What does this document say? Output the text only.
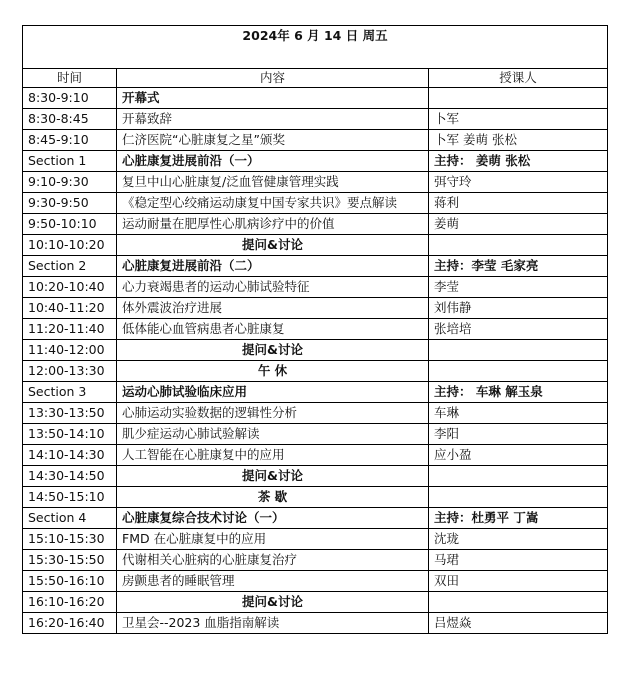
2024年 6 月 14 日 周五		
时间	内容	授课人
8:30-9:10	开幕式	
8:30-8:45	开幕致辞	卜军
8:45-9:10	仁济医院“心脏康复之星”颁奖	卜军 姜萌 张松
Section 1	心脏康复进展前沿（一）	主持： 姜萌 张松
9:10-9:30	复旦中山心脏康复/泛血管健康管理实践	弭守玲
9:30-9:50	《稳定型心绞痛运动康复中国专家共识》要点解读	蒋利
9:50-10:10	运动耐量在肥厚性心肌病诊疗中的价值	姜萌
10:10-10:20	提问&讨论	
Section 2	心脏康复进展前沿（二）	主持：李莹 毛家亮
10:20-10:40	心力衰竭患者的运动心肺试验特征	李莹
10:40-11:20	体外震波治疗进展	刘伟静
11:20-11:40	低体能心血管病患者心脏康复	张培培
11:40-12:00	提问&讨论	
12:00-13:30	午 休	
Section 3	运动心肺试验临床应用	主持： 车琳 解玉泉
13:30-13:50	心肺运动实验数据的逻辑性分析	车琳
13:50-14:10	肌少症运动心肺试验解读	李阳
14:10-14:30	人工智能在心脏康复中的应用	应小盈
14:30-14:50	提问&讨论	
14:50-15:10	茶 歇	
Section 4	心脏康复综合技术讨论（一）	主持：杜勇平 丁嵩
15:10-15:30	FMD 在心脏康复中的应用	沈珑
15:30-15:50	代谢相关心脏病的心脏康复治疗	马珺
15:50-16:10	房颤患者的睡眠管理	双田
16:10-16:20	提问&讨论	
16:20-16:40	卫星会--2023 血脂指南解读	吕煜焱
